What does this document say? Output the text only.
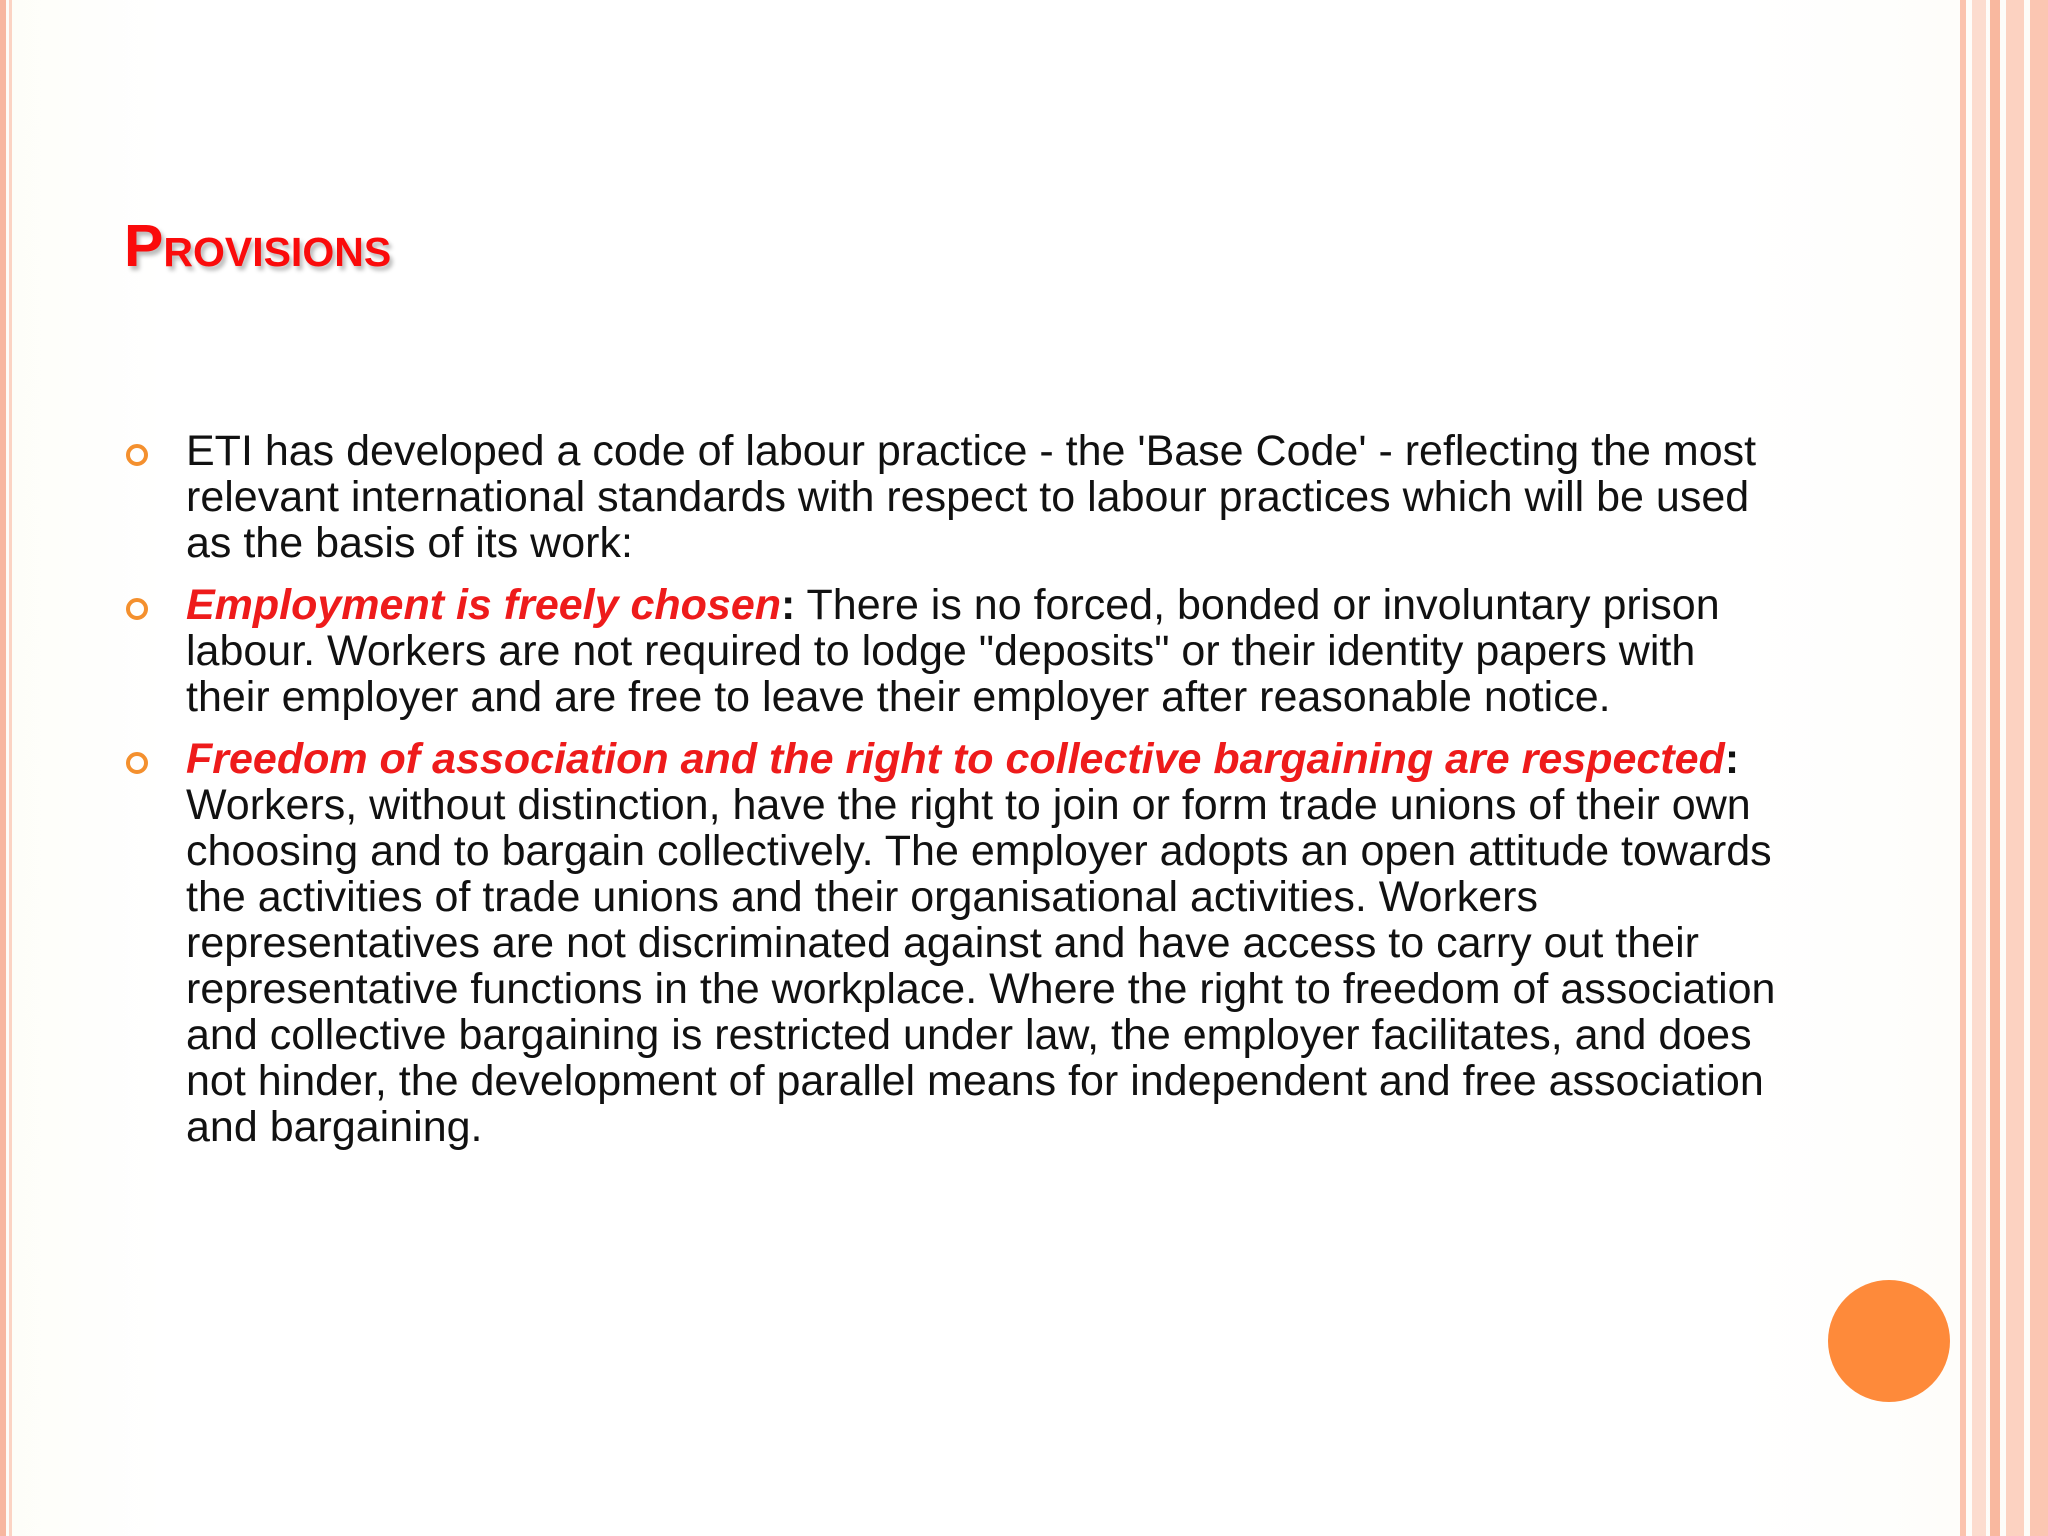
Provisions
ETI has developed a code of labour practice - the 'Base Code' - reflecting the most relevant international standards with respect to labour practices which will be used as the basis of its work:
Employment is freely chosen: There is no forced, bonded or involuntary prison labour. Workers are not required to lodge "deposits" or their identity papers with their employer and are free to leave their employer after reasonable notice.
Freedom of association and the right to collective bargaining are respected: Workers, without distinction, have the right to join or form trade unions of their own choosing and to bargain collectively. The employer adopts an open attitude towards the activities of trade unions and their organisational activities. Workers representatives are not discriminated against and have access to carry out their representative functions in the workplace. Where the right to freedom of association and collective bargaining is restricted under law, the employer facilitates, and does not hinder, the development of parallel means for independent and free association and bargaining.
